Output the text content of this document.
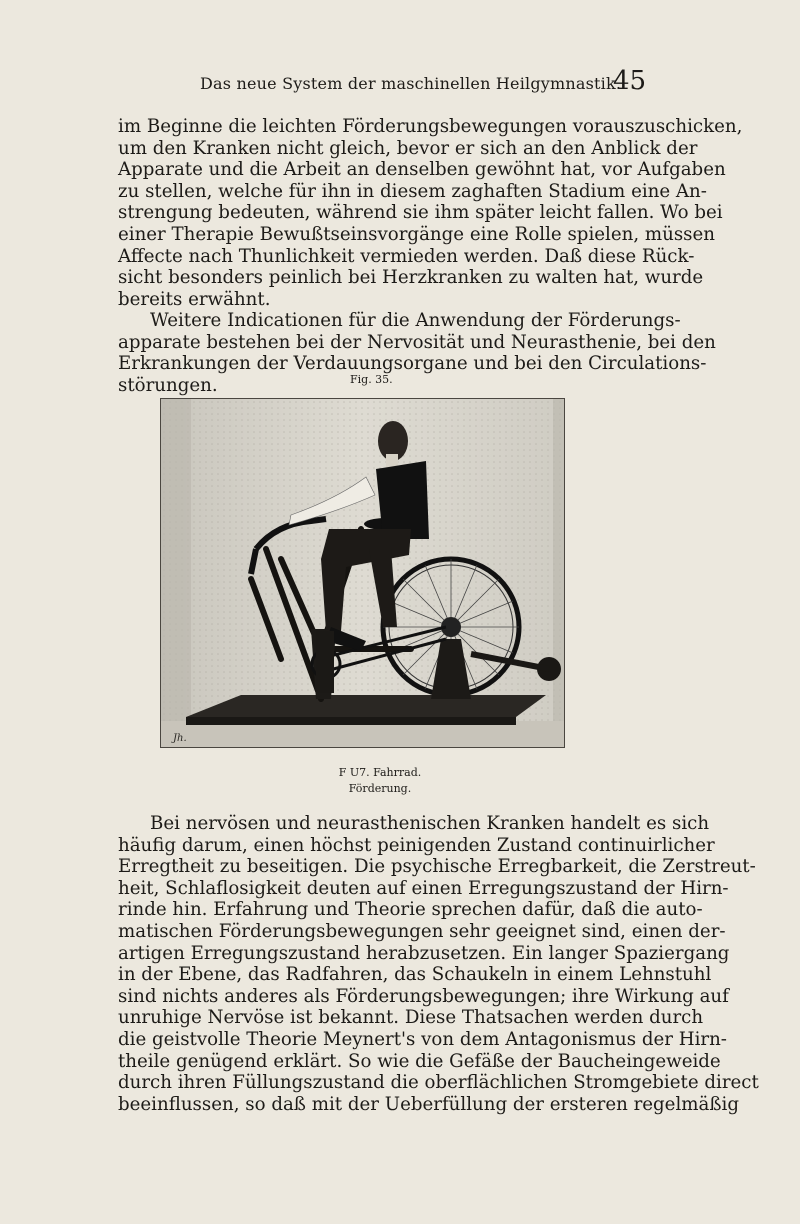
Das neue System der maschinellen Heilgymnastik.
45
im Beginne die leichten Förderungsbewegungen vorauszuschicken,
um den Kranken nicht gleich, bevor er sich an den Anblick der
Apparate und die Arbeit an denselben gewöhnt hat, vor Aufgaben
zu stellen, welche für ihn in diesem zaghaften Stadium eine An-
strengung bedeuten, während sie ihm später leicht fallen. Wo bei
einer Therapie Bewußtseinsvorgänge eine Rolle spielen, müssen
Affecte nach Thunlichkeit vermieden werden. Daß diese Rück-
sicht besonders peinlich bei Herzkranken zu walten hat, wurde
bereits erwähnt.
Weitere Indicationen für die Anwendung der Förderungs-
apparate bestehen bei der Nervosität und Neurasthenie, bei den
Erkrankungen der Verdauungsorgane und bei den Circulations-
störungen.	Fig. 35.
Jh.
F U7. Fahrrad.
Förderung.
Bei nervösen und neurasthenischen Kranken handelt es sich
häufig darum, einen höchst peinigenden Zustand continuirlicher
Erregtheit zu beseitigen. Die psychische Erregbarkeit, die Zerstreut-
heit, Schlaflosigkeit deuten auf einen Erregungszustand der Hirn-
rinde hin. Erfahrung und Theorie sprechen dafür, daß die auto-
matischen Förderungsbewegungen sehr geeignet sind, einen der-
artigen Erregungszustand herabzusetzen. Ein langer Spaziergang
in der Ebene, das Radfahren, das Schaukeln in einem Lehnstuhl
sind nichts anderes als Förderungsbewegungen; ihre Wirkung auf
unruhige Nervöse ist bekannt. Diese Thatsachen werden durch
die geistvolle Theorie Meynert's von dem Antagonismus der Hirn-
theile genügend erklärt. So wie die Gefäße der Baucheingeweide
durch ihren Füllungszustand die oberflächlichen Stromgebiete direct
beeinflussen, so daß mit der Ueberfüllung der ersteren regelmäßig
